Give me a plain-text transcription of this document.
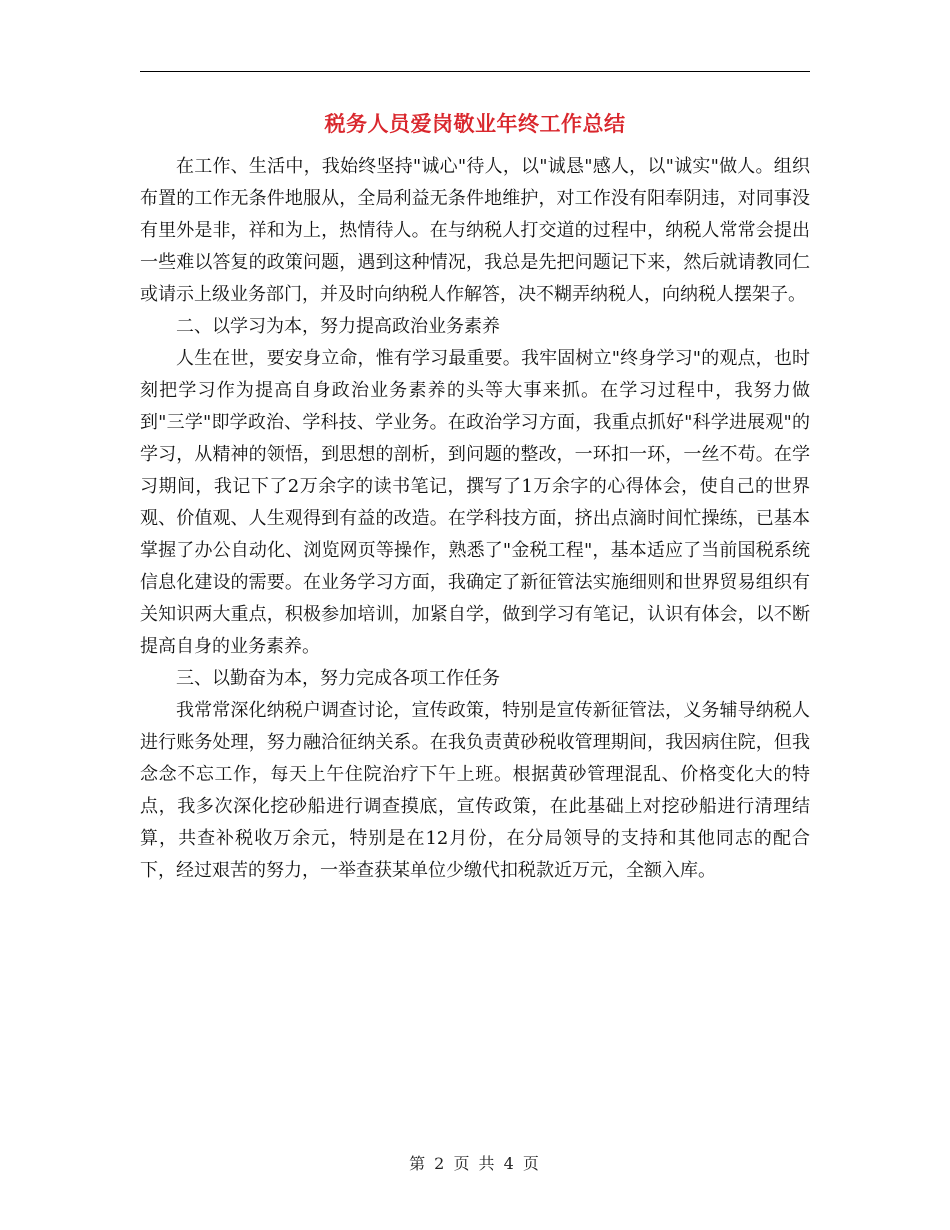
税务人员爱岗敬业年终工作总结

在工作、生活中，我始终坚持"诚心"待人，以"诚恳"感人，以"诚实"做人。组织布置的工作无条件地服从，全局利益无条件地维护，对工作没有阳奉阴违，对同事没有里外是非，祥和为上，热情待人。在与纳税人打交道的过程中，纳税人常常会提出一些难以答复的政策问题，遇到这种情况，我总是先把问题记下来，然后就请教同仁或请示上级业务部门，并及时向纳税人作解答，决不糊弄纳税人，向纳税人摆架子。

二、以学习为本，努力提高政治业务素养

人生在世，要安身立命，惟有学习最重要。我牢固树立"终身学习"的观点，也时刻把学习作为提高自身政治业务素养的头等大事来抓。在学习过程中，我努力做到"三学"即学政治、学科技、学业务。在政治学习方面，我重点抓好"科学进展观"的学习，从精神的领悟，到思想的剖析，到问题的整改，一环扣一环，一丝不苟。在学习期间，我记下了2万余字的读书笔记，撰写了1万余字的心得体会，使自己的世界观、价值观、人生观得到有益的改造。在学科技方面，挤出点滴时间忙操练，已基本掌握了办公自动化、浏览网页等操作，熟悉了"金税工程"，基本适应了当前国税系统信息化建设的需要。在业务学习方面，我确定了新征管法实施细则和世界贸易组织有关知识两大重点，积极参加培训，加紧自学，做到学习有笔记，认识有体会，以不断提高自身的业务素养。

三、以勤奋为本，努力完成各项工作任务

我常常深化纳税户调查讨论，宣传政策，特别是宣传新征管法，义务辅导纳税人进行账务处理，努力融洽征纳关系。在我负责黄砂税收管理期间，我因病住院，但我念念不忘工作，每天上午住院治疗下午上班。根据黄砂管理混乱、价格变化大的特点，我多次深化挖砂船进行调查摸底，宣传政策，在此基础上对挖砂船进行清理结算，共查补税收万余元，特别是在12月份，在分局领导的支持和其他同志的配合下，经过艰苦的努力，一举查获某单位少缴代扣税款近万元，全额入库。

第 2 页 共 4 页
